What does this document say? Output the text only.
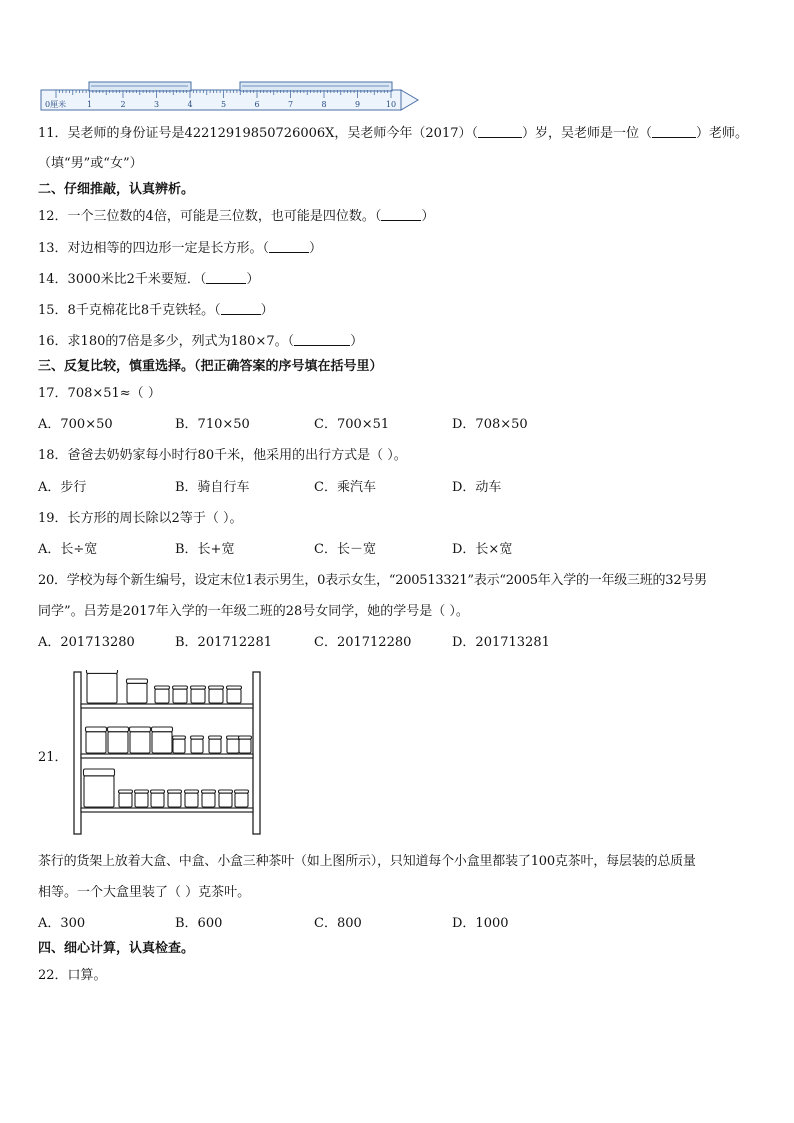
0厘米	1	2	3	4	5	6	7	8	9	10
11．吴老师的身份证号是42212919850726006X，吴老师今年（2017）（	）岁，吴老师是一位（	）老师。
（填“男”或“女”）
二、仔细推敲，认真辨析。
12．一个三位数的4倍，可能是三位数，也可能是四位数。（	）
13．对边相等的四边形一定是长方形。（	）
14．3000米比2千米要短．（	）
15．8千克棉花比8千克铁轻。（	）
16．求180的7倍是多少，列式为180×7。（	）
三、反复比较，慎重选择。（把正确答案的序号填在括号里）
17．708×51≈（ ）
A．700×50	B．710×50	C．700×51	D．708×50
18．爸爸去奶奶家每小时行80千米，他采用的出行方式是（ ）。
A．步行	B．骑自行车	C．乘汽车	D．动车
19．长方形的周长除以2等于（ ）。
A．长÷宽	B．长+宽	C．长－宽	D．长×宽
20．学校为每个新生编号，设定末位1表示男生，0表示女生，“200513321”表示“2005年入学的一年级三班的32号男
同学”。吕芳是2017年入学的一年级二班的28号女同学，她的学号是（ ）。
A．201713280	B．201712281	C．201712280	D．201713281
21．
茶行的货架上放着大盒、中盒、小盒三种茶叶（如上图所示），只知道每个小盒里都装了100克茶叶，每层装的总质量
相等。一个大盒里装了（ ）克茶叶。
A．300	B．600	C．800	D．1000
四、细心计算，认真检查。
22．口算。
